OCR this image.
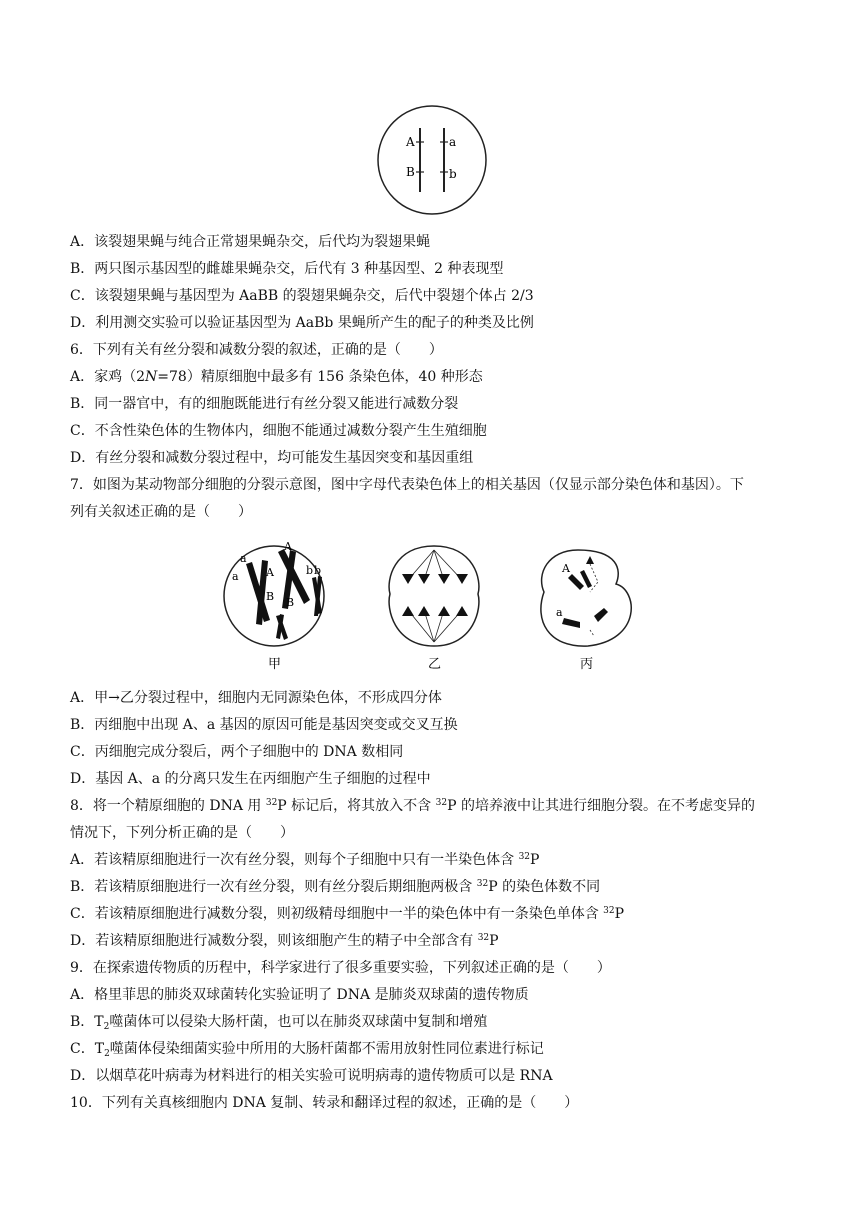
A	a
B	b
A．该裂翅果蝇与纯合正常翅果蝇杂交，后代均为裂翅果蝇
B．两只图示基因型的雌雄果蝇杂交，后代有 3 种基因型、2 种表现型
C．该裂翅果蝇与基因型为 AaBB 的裂翅果蝇杂交，后代中裂翅个体占 2/3
D．利用测交实验可以验证基因型为 AaBb 果蝇所产生的配子的种类及比例
6．下列有关有丝分裂和减数分裂的叙述，正确的是（　　）
A．家鸡（2N=78）精原细胞中最多有 156 条染色体，40 种形态
B．同一器官中，有的细胞既能进行有丝分裂又能进行减数分裂
C．不含性染色体的生物体内，细胞不能通过减数分裂产生生殖细胞
D．有丝分裂和减数分裂过程中，均可能发生基因突变和基因重组
7．如图为某动物部分细胞的分裂示意图，图中字母代表染色体上的相关基因（仅显示部分染色体和基因）。下
列有关叙述正确的是（　　）
a
A
A
a
B B
b b	A
a
甲	乙	丙
A．甲→乙分裂过程中，细胞内无同源染色体，不形成四分体
B．丙细胞中出现 A、a 基因的原因可能是基因突变或交叉互换
C．丙细胞完成分裂后，两个子细胞中的 DNA 数相同
D．基因 A、a 的分离只发生在丙细胞产生子细胞的过程中
8．将一个精原细胞的 DNA 用 $^{32}$P 标记后，将其放入不含 $^{32}$P 的培养液中让其进行细胞分裂。在不考虑变异的
情况下，下列分析正确的是（　　）
A．若该精原细胞进行一次有丝分裂，则每个子细胞中只有一半染色体含 $^{32}$P
B．若该精原细胞进行一次有丝分裂，则有丝分裂后期细胞两极含 $^{32}$P 的染色体数不同
C．若该精原细胞进行减数分裂，则初级精母细胞中一半的染色体中有一条染色单体含 $^{32}$P
D．若该精原细胞进行减数分裂，则该细胞产生的精子中全部含有 $^{32}$P
9．在探索遗传物质的历程中，科学家进行了很多重要实验，下列叙述正确的是（　　）
A．格里菲思的肺炎双球菌转化实验证明了 DNA 是肺炎双球菌的遗传物质
B．$T_2$噬菌体可以侵染大肠杆菌，也可以在肺炎双球菌中复制和增殖
C．$T_2$噬菌体侵染细菌实验中所用的大肠杆菌都不需用放射性同位素进行标记
D．以烟草花叶病毒为材料进行的相关实验可说明病毒的遗传物质可以是 RNA
10．下列有关真核细胞内 DNA 复制、转录和翻译过程的叙述，正确的是（　　）
